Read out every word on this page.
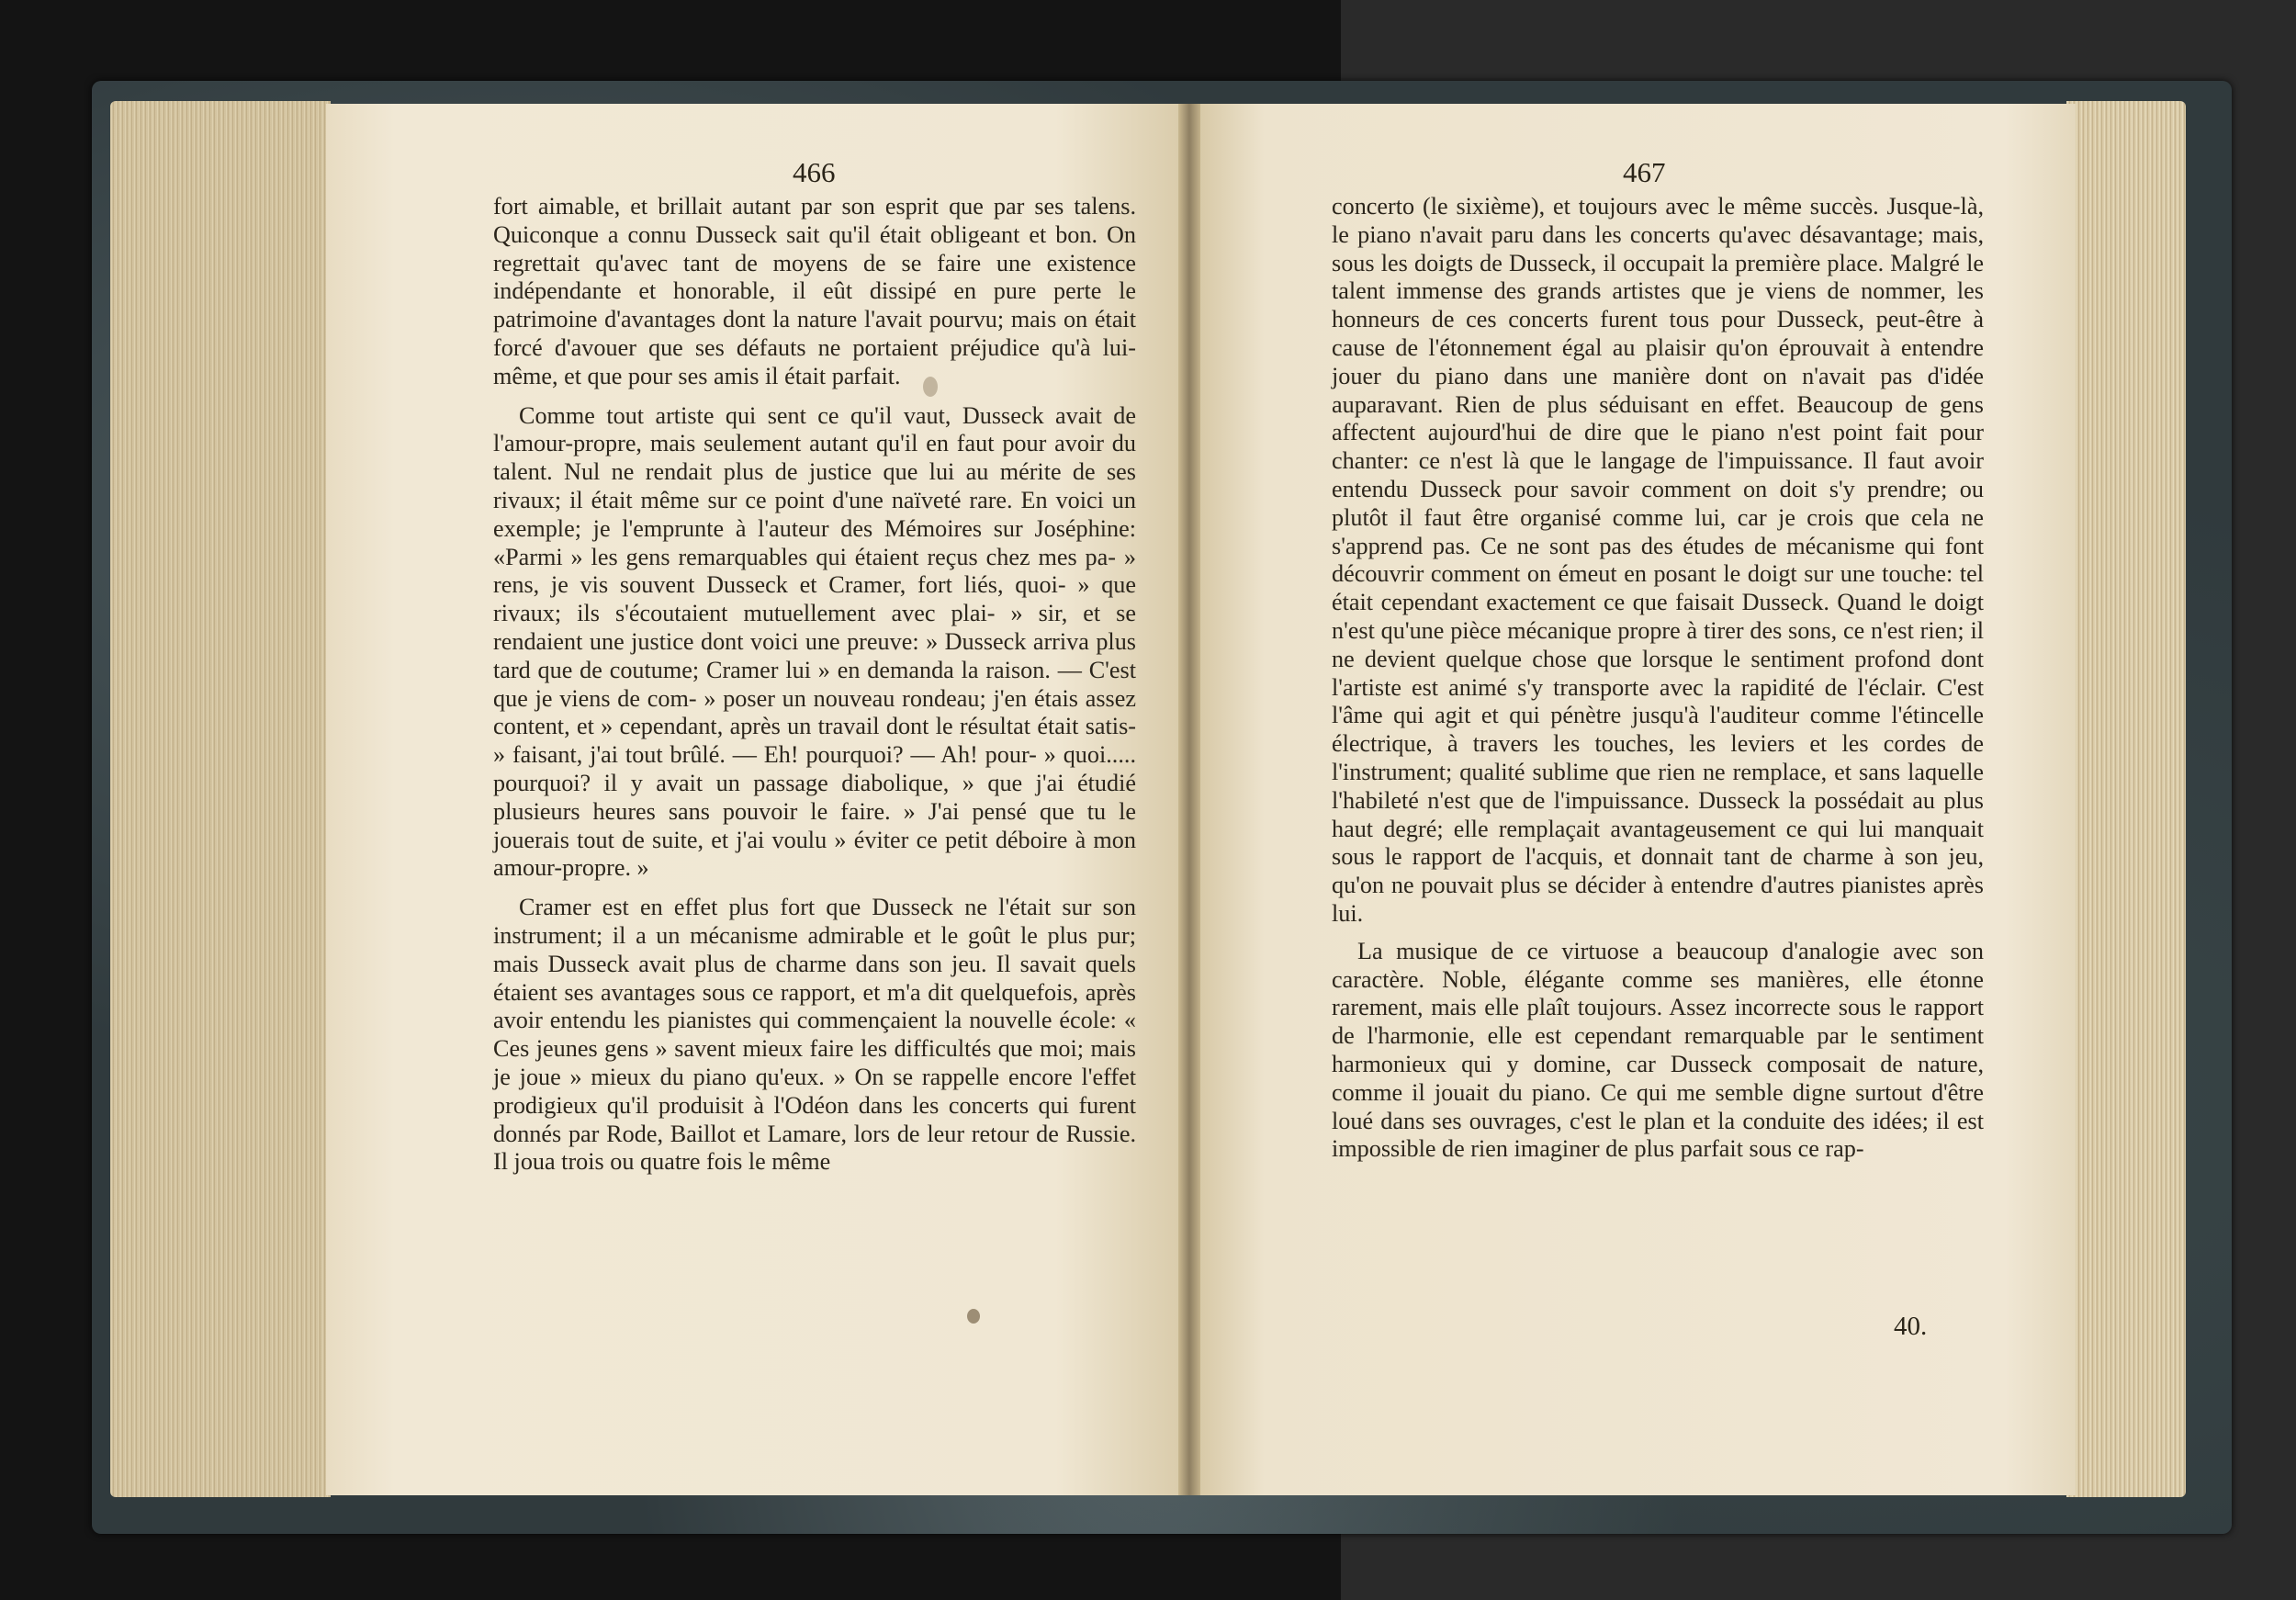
466	467

fort aimable, et brillait autant par son esprit que par ses talens. Quiconque a connu Dusseck sait qu'il était obligeant et bon. On regrettait qu'avec tant de moyens de se faire une existence indépendante et honorable, il eût dissipé en pure perte le patrimoine d'avantages dont la nature l'avait pourvu; mais on était forcé d'avouer que ses défauts ne portaient préjudice qu'à lui-même, et que pour ses amis il était parfait.

Comme tout artiste qui sent ce qu'il vaut, Dusseck avait de l'amour-propre, mais seulement autant qu'il en faut pour avoir du talent. Nul ne rendait plus de justice que lui au mérite de ses rivaux; il était même sur ce point d'une naïveté rare. En voici un exemple; je l'emprunte à l'auteur des Mémoires sur Joséphine: «Parmi » les gens remarquables qui étaient reçus chez mes pa- » rens, je vis souvent Dusseck et Cramer, fort liés, quoi- » que rivaux; ils s'écoutaient mutuellement avec plai- » sir, et se rendaient une justice dont voici une preuve: » Dusseck arriva plus tard que de coutume; Cramer lui » en demanda la raison. — C'est que je viens de com- » poser un nouveau rondeau; j'en étais assez content, et » cependant, après un travail dont le résultat était satis- » faisant, j'ai tout brûlé. — Eh! pourquoi? — Ah! pour- » quoi..... pourquoi? il y avait un passage diabolique, » que j'ai étudié plusieurs heures sans pouvoir le faire. » J'ai pensé que tu le jouerais tout de suite, et j'ai voulu » éviter ce petit déboire à mon amour-propre. »

Cramer est en effet plus fort que Dusseck ne l'était sur son instrument; il a un mécanisme admirable et le goût le plus pur; mais Dusseck avait plus de charme dans son jeu. Il savait quels étaient ses avantages sous ce rapport, et m'a dit quelquefois, après avoir entendu les pianistes qui commençaient la nouvelle école: « Ces jeunes gens » savent mieux faire les difficultés que moi; mais je joue » mieux du piano qu'eux. » On se rappelle encore l'effet prodigieux qu'il produisit à l'Odéon dans les concerts qui furent donnés par Rode, Baillot et Lamare, lors de leur retour de Russie. Il joua trois ou quatre fois le même

concerto (le sixième), et toujours avec le même succès. Jusque-là, le piano n'avait paru dans les concerts qu'avec désavantage; mais, sous les doigts de Dusseck, il occupait la première place. Malgré le talent immense des grands artistes que je viens de nommer, les honneurs de ces concerts furent tous pour Dusseck, peut-être à cause de l'étonnement égal au plaisir qu'on éprouvait à entendre jouer du piano dans une manière dont on n'avait pas d'idée auparavant. Rien de plus séduisant en effet. Beaucoup de gens affectent aujourd'hui de dire que le piano n'est point fait pour chanter: ce n'est là que le langage de l'impuissance. Il faut avoir entendu Dusseck pour savoir comment on doit s'y prendre; ou plutôt il faut être organisé comme lui, car je crois que cela ne s'apprend pas. Ce ne sont pas des études de mécanisme qui font découvrir comment on émeut en posant le doigt sur une touche: tel était cependant exactement ce que faisait Dusseck. Quand le doigt n'est qu'une pièce mécanique propre à tirer des sons, ce n'est rien; il ne devient quelque chose que lorsque le sentiment profond dont l'artiste est animé s'y transporte avec la rapidité de l'éclair. C'est l'âme qui agit et qui pénètre jusqu'à l'auditeur comme l'étincelle électrique, à travers les touches, les leviers et les cordes de l'instrument; qualité sublime que rien ne remplace, et sans laquelle l'habileté n'est que de l'impuissance. Dusseck la possédait au plus haut degré; elle remplaçait avantageusement ce qui lui manquait sous le rapport de l'acquis, et donnait tant de charme à son jeu, qu'on ne pouvait plus se décider à entendre d'autres pianistes après lui.

La musique de ce virtuose a beaucoup d'analogie avec son caractère. Noble, élégante comme ses manières, elle étonne rarement, mais elle plaît toujours. Assez incorrecte sous le rapport de l'harmonie, elle est cependant remarquable par le sentiment harmonieux qui y domine, car Dusseck composait de nature, comme il jouait du piano. Ce qui me semble digne surtout d'être loué dans ses ouvrages, c'est le plan et la conduite des idées; il est impossible de rien imaginer de plus parfait sous ce rap-

40.
